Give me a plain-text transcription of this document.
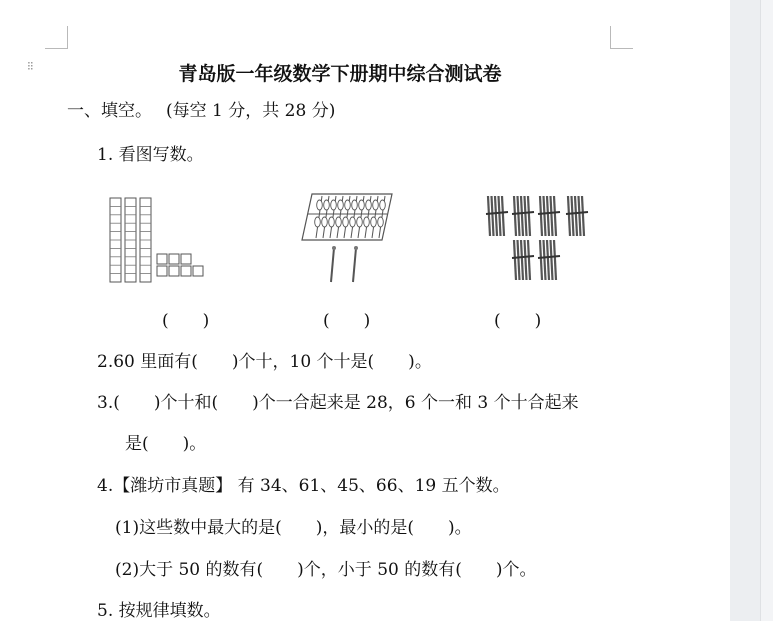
⁝⁝	青岛版一年级数学下册期中综合测试卷
一、填空。 (每空 1 分，共 28 分)
1. 看图写数。
(　　)	(　　)	(　　)
2.60 里面有(　　)个十，10 个十是(　　)。
3.(　　)个十和(　　)个一合起来是 28，6 个一和 3 个十合起来
是(　　)。
4.【潍坊市真题】 有 34、61、45、66、19 五个数。
(1)这些数中最大的是(　　)，最小的是(　　)。
(2)大于 50 的数有(　　)个，小于 50 的数有(　　)个。
5. 按规律填数。
